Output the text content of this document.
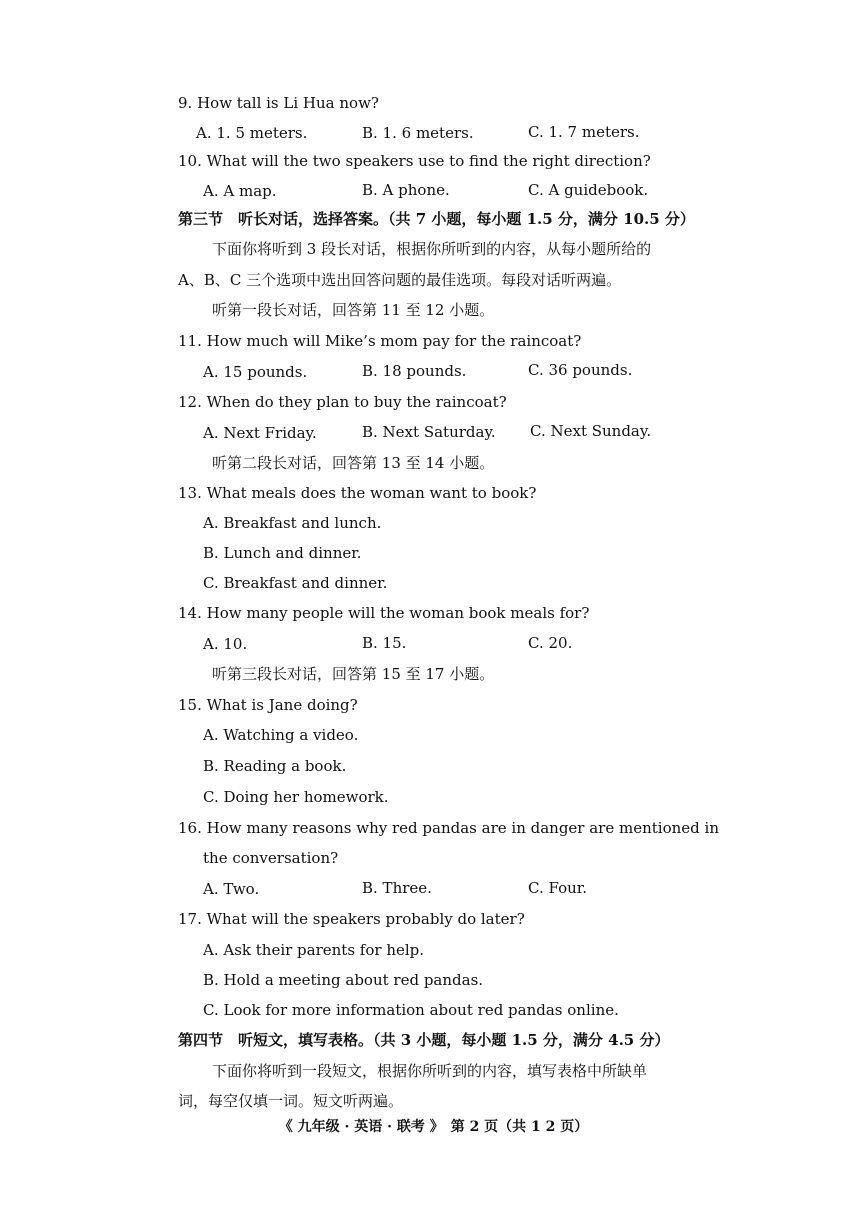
9. How tall is Li Hua now?
A. 1. 5 meters.	B. 1. 6 meters.	C. 1. 7 meters.
10. What will the two speakers use to find the right direction?
A. A map.	B. A phone.	C. A guidebook.
第三节　听长对话，选择答案。（共 7 小题，每小题 1.5 分，满分 10.5 分）
下面你将听到 3 段长对话，根据你所听到的内容，从每小题所给的
A、B、C 三个选项中选出回答问题的最佳选项。每段对话听两遍。
听第一段长对话，回答第 11 至 12 小题。
11. How much will Mike’s mom pay for the raincoat?
A. 15 pounds.	B. 18 pounds.	C. 36 pounds.
12. When do they plan to buy the raincoat?
A. Next Friday.	B. Next Saturday. C. Next Sunday.
听第二段长对话，回答第 13 至 14 小题。
13. What meals does the woman want to book?
A. Breakfast and lunch.
B. Lunch and dinner.
C. Breakfast and dinner.
14. How many people will the woman book meals for?
A. 10.	B. 15.	C. 20.
听第三段长对话，回答第 15 至 17 小题。
15. What is Jane doing?
A. Watching a video.
B. Reading a book.
C. Doing her homework.
16. How many reasons why red pandas are in danger are mentioned in
the conversation?
A. Two.	B. Three.	C. Four.
17. What will the speakers probably do later?
A. Ask their parents for help.
B. Hold a meeting about red pandas.
C. Look for more information about red pandas online.
第四节　听短文，填写表格。（共 3 小题，每小题 1.5 分，满分 4.5 分）
下面你将听到一段短文，根据你所听到的内容，填写表格中所缺单
词，每空仅填一词。短文听两遍。
《 九年级 · 英语 · 联考 》　第 2 页（共 1 2 页）
